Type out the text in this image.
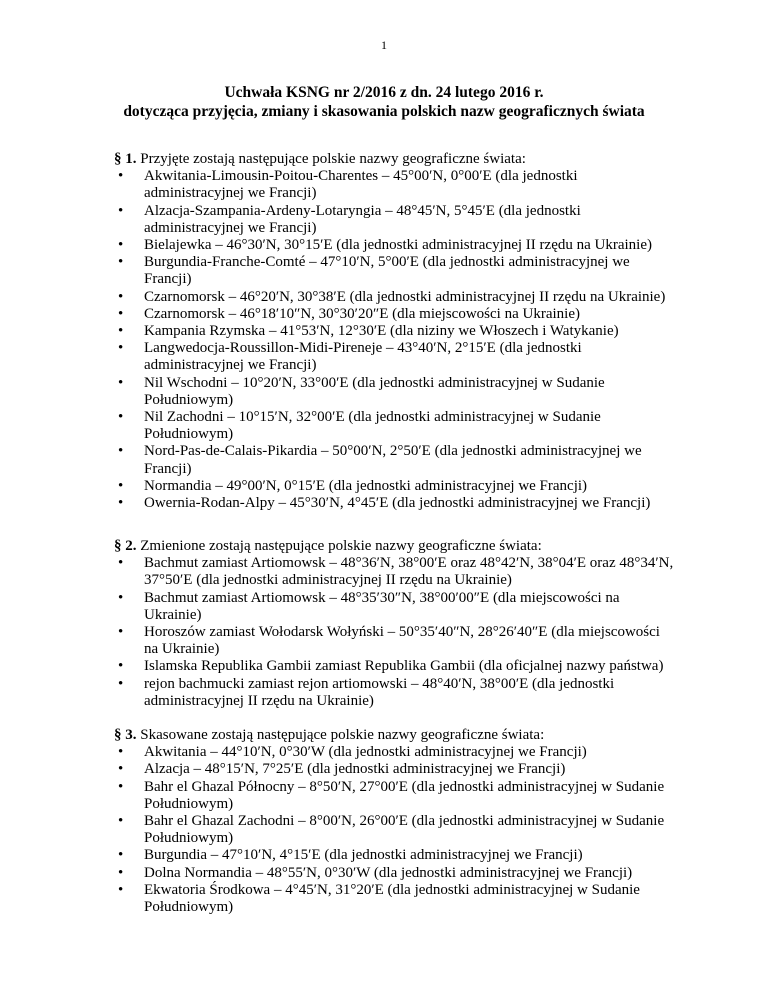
1
Uchwała KSNG nr 2/2016 z dn. 24 lutego 2016 r.
dotycząca przyjęcia, zmiany i skasowania polskich nazw geograficznych świata

§ 1. Przyjęte zostają następujące polskie nazwy geograficzne świata:

• Akwitania-Limousin-Poitou-Charentes – 45°00′N, 0°00′E (dla jednostki administracyjnej we Francji)
• Alzacja-Szampania-Ardeny-Lotaryngia – 48°45′N, 5°45′E (dla jednostki administracyjnej we Francji)
• Bielajewka – 46°30′N, 30°15′E (dla jednostki administracyjnej II rzędu na Ukrainie)
• Burgundia-Franche-Comté – 47°10′N, 5°00′E (dla jednostki administracyjnej we Francji)
• Czarnomorsk – 46°20′N, 30°38′E (dla jednostki administracyjnej II rzędu na Ukrainie)
• Czarnomorsk – 46°18′10″N, 30°30′20″E (dla miejscowości na Ukrainie)
• Kampania Rzymska – 41°53′N, 12°30′E (dla niziny we Włoszech i Watykanie)
• Langwedocja-Roussillon-Midi-Pireneje – 43°40′N, 2°15′E (dla jednostki administracyjnej we Francji)
• Nil Wschodni – 10°20′N, 33°00′E (dla jednostki administracyjnej w Sudanie Południowym)
• Nil Zachodni – 10°15′N, 32°00′E (dla jednostki administracyjnej w Sudanie Południowym)
• Nord-Pas-de-Calais-Pikardia – 50°00′N, 2°50′E (dla jednostki administracyjnej we Francji)
• Normandia – 49°00′N, 0°15′E (dla jednostki administracyjnej we Francji)
• Owernia-Rodan-Alpy – 45°30′N, 4°45′E (dla jednostki administracyjnej we Francji)

§ 2. Zmienione zostają następujące polskie nazwy geograficzne świata:

• Bachmut zamiast Artiomowsk – 48°36′N, 38°00′E oraz 48°42′N, 38°04′E oraz 48°34′N, 37°50′E (dla jednostki administracyjnej II rzędu na Ukrainie)
• Bachmut zamiast Artiomowsk – 48°35′30″N, 38°00′00″E (dla miejscowości na Ukrainie)
• Horoszów zamiast Wołodarsk Wołyński – 50°35′40″N, 28°26′40″E (dla miejscowości na Ukrainie)
• Islamska Republika Gambii zamiast Republika Gambii (dla oficjalnej nazwy państwa)
• rejon bachmucki zamiast rejon artiomowski – 48°40′N, 38°00′E (dla jednostki administracyjnej II rzędu na Ukrainie)

§ 3. Skasowane zostają następujące polskie nazwy geograficzne świata:

• Akwitania – 44°10′N, 0°30′W (dla jednostki administracyjnej we Francji)
• Alzacja – 48°15′N, 7°25′E (dla jednostki administracyjnej we Francji)
• Bahr el Ghazal Północny – 8°50′N, 27°00′E (dla jednostki administracyjnej w Sudanie Południowym)
• Bahr el Ghazal Zachodni – 8°00′N, 26°00′E (dla jednostki administracyjnej w Sudanie Południowym)
• Burgundia – 47°10′N, 4°15′E (dla jednostki administracyjnej we Francji)
• Dolna Normandia – 48°55′N, 0°30′W (dla jednostki administracyjnej we Francji)
• Ekwatoria Środkowa – 4°45′N, 31°20′E (dla jednostki administracyjnej w Sudanie Południowym)
